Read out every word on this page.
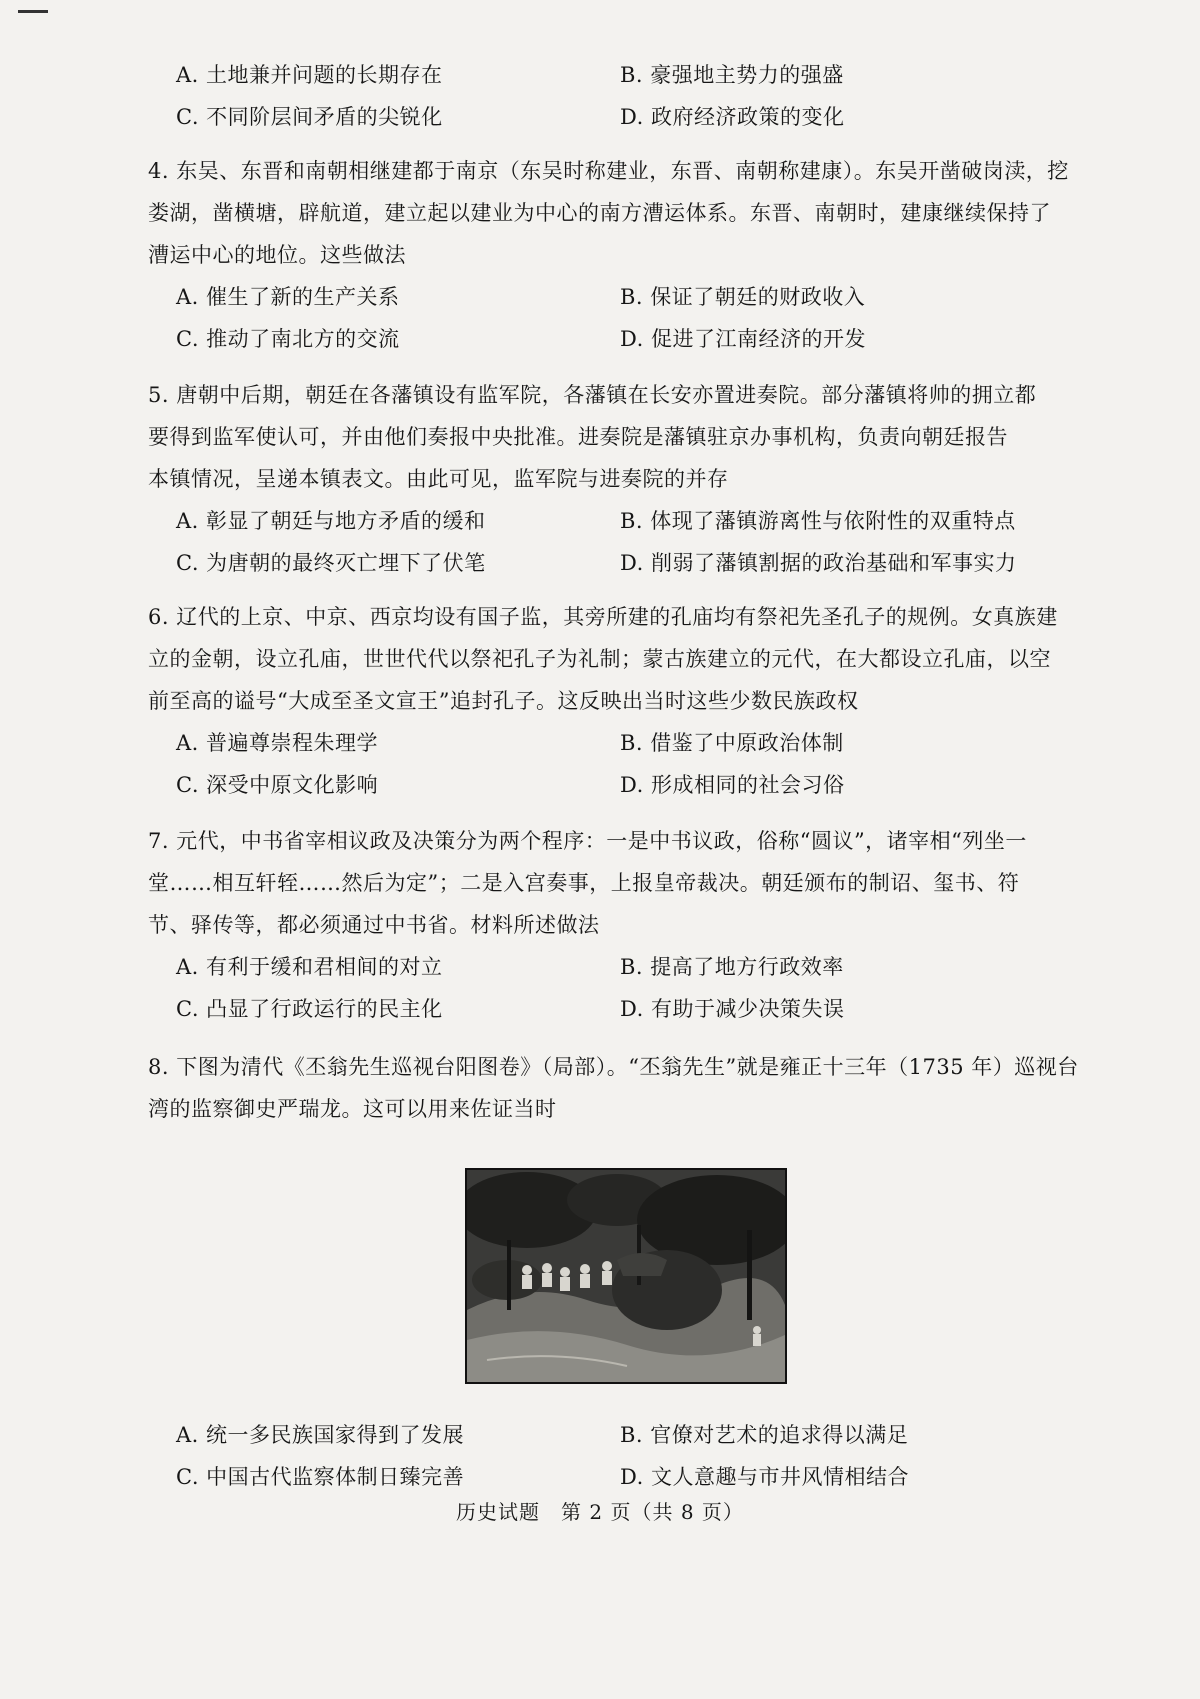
A. 土地兼并问题的长期存在	B. 豪强地主势力的强盛
C. 不同阶层间矛盾的尖锐化	D. 政府经济政策的变化

4. 东吴、东晋和南朝相继建都于南京（东吴时称建业，东晋、南朝称建康）。东吴开凿破岗渎，挖

娄湖，凿横塘，辟航道，建立起以建业为中心的南方漕运体系。东晋、南朝时，建康继续保持了

漕运中心的地位。这些做法

A. 催生了新的生产关系	B. 保证了朝廷的财政收入
C. 推动了南北方的交流	D. 促进了江南经济的开发

5. 唐朝中后期，朝廷在各藩镇设有监军院，各藩镇在长安亦置进奏院。部分藩镇将帅的拥立都

要得到监军使认可，并由他们奏报中央批准。进奏院是藩镇驻京办事机构，负责向朝廷报告

本镇情况，呈递本镇表文。由此可见，监军院与进奏院的并存

A. 彰显了朝廷与地方矛盾的缓和	B. 体现了藩镇游离性与依附性的双重特点
C. 为唐朝的最终灭亡埋下了伏笔	D. 削弱了藩镇割据的政治基础和军事实力

6. 辽代的上京、中京、西京均设有国子监，其旁所建的孔庙均有祭祀先圣孔子的规例。女真族建

立的金朝，设立孔庙，世世代代以祭祀孔子为礼制；蒙古族建立的元代，在大都设立孔庙，以空

前至高的谥号“大成至圣文宣王”追封孔子。这反映出当时这些少数民族政权

A. 普遍尊崇程朱理学	B. 借鉴了中原政治体制
C. 深受中原文化影响	D. 形成相同的社会习俗

7. 元代，中书省宰相议政及决策分为两个程序：一是中书议政，俗称“圆议”，诸宰相“列坐一

堂……相互轩轾……然后为定”；二是入宫奏事，上报皇帝裁决。朝廷颁布的制诏、玺书、符

节、驿传等，都必须通过中书省。材料所述做法

A. 有利于缓和君相间的对立	B. 提高了地方行政效率
C. 凸显了行政运行的民主化	D. 有助于减少决策失误

8. 下图为清代《丕翁先生巡视台阳图卷》（局部）。“丕翁先生”就是雍正十三年（1735 年）巡视台

湾的监察御史严瑞龙。这可以用来佐证当时

A. 统一多民族国家得到了发展	B. 官僚对艺术的追求得以满足
C. 中国古代监察体制日臻完善	D. 文人意趣与市井风情相结合
历史试题　第 2 页（共 8 页）
